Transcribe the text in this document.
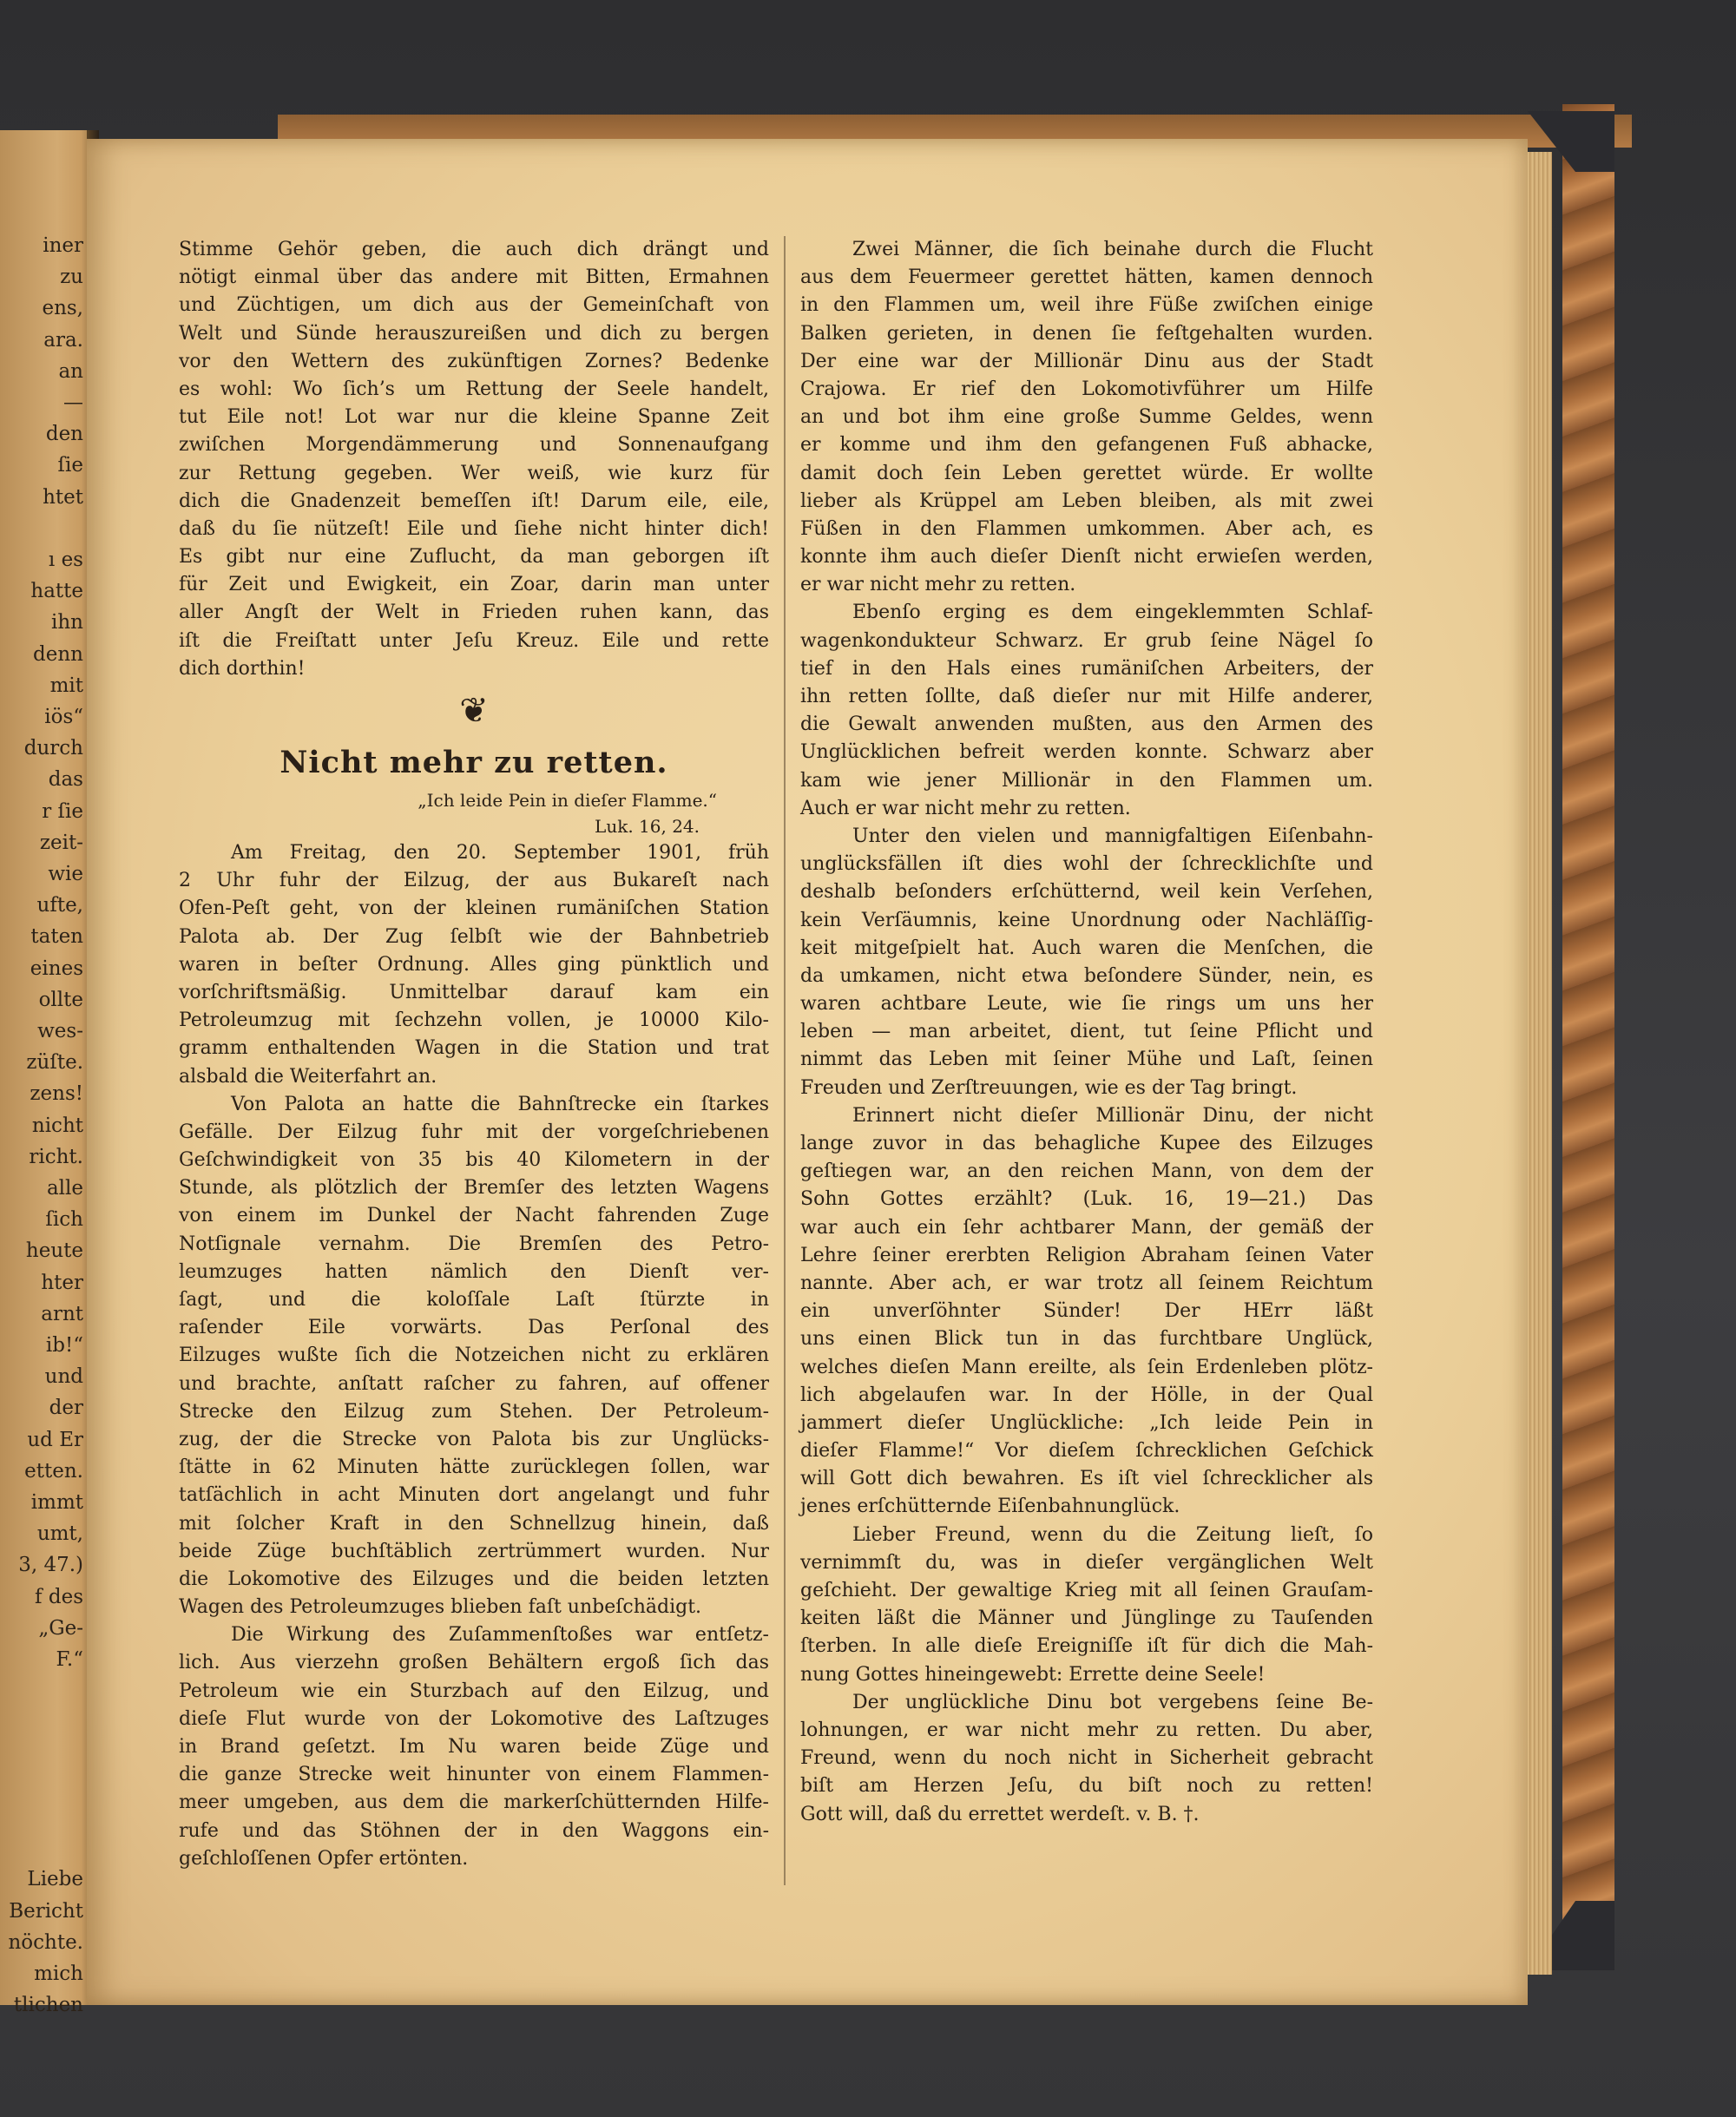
iner
zu
ens,
ara.
an
—
den
ſie
htet
ı es
hatte
ihn
denn
mit
iös“
durch
das
r ſie
zeit-
wie
ufte,
taten
eines
ollte
wes-
züſte.
zens!
nicht
richt.
alle
ſich
heute
hter
arnt
ib!“
und
der
ud Er
etten.
immt
umt,
3, 47.)
f des
„Ge-
F.“
Liebe
Bericht
nöchte.
mich
tlichen
Stimme Gehör geben, die auch dich drängt und
nötigt einmal über das andere mit Bitten, Ermahnen
und Züchtigen, um dich aus der Gemeinſchaft von
Welt und Sünde herauszureißen und dich zu bergen
vor den Wettern des zukünftigen Zornes? Bedenke
es wohl: Wo ſich’s um Rettung der Seele handelt,
tut Eile not! Lot war nur die kleine Spanne Zeit
zwiſchen Morgendämmerung und Sonnenaufgang
zur Rettung gegeben. Wer weiß, wie kurz für
dich die Gnadenzeit bemeſſen iſt! Darum eile, eile,
daß du ſie nützeſt! Eile und ſiehe nicht hinter dich!
Es gibt nur eine Zuflucht, da man geborgen iſt
für Zeit und Ewigkeit, ein Zoar, darin man unter
aller Angſt der Welt in Frieden ruhen kann, das
iſt die Freiſtatt unter Jeſu Kreuz. Eile und rette
dich dorthin!
❦
Nicht mehr zu retten.
„Ich leide Pein in dieſer Flamme.“
Luk. 16, 24.
Am Freitag, den 20. September 1901, früh
2 Uhr fuhr der Eilzug, der aus Bukareſt nach
Ofen-Peſt geht, von der kleinen rumäniſchen Station
Palota ab. Der Zug ſelbſt wie der Bahnbetrieb
waren in beſter Ordnung. Alles ging pünktlich und
vorſchriftsmäßig. Unmittelbar darauf kam ein
Petroleumzug mit ſechzehn vollen, je 10000 Kilo-
gramm enthaltenden Wagen in die Station und trat
alsbald die Weiterfahrt an.
Von Palota an hatte die Bahnſtrecke ein ſtarkes
Gefälle. Der Eilzug fuhr mit der vorgeſchriebenen
Geſchwindigkeit von 35 bis 40 Kilometern in der
Stunde, als plötzlich der Bremſer des letzten Wagens
von einem im Dunkel der Nacht fahrenden Zuge
Notſignale vernahm. Die Bremſen des Petro-
leumzuges hatten nämlich den Dienſt ver-
ſagt, und die koloſſale Laſt ſtürzte in
raſender Eile vorwärts. Das Perſonal des
Eilzuges wußte ſich die Notzeichen nicht zu erklären
und brachte, anſtatt raſcher zu fahren, auf offener
Strecke den Eilzug zum Stehen. Der Petroleum-
zug, der die Strecke von Palota bis zur Unglücks-
ſtätte in 62 Minuten hätte zurücklegen ſollen, war
tatſächlich in acht Minuten dort angelangt und fuhr
mit ſolcher Kraft in den Schnellzug hinein, daß
beide Züge buchſtäblich zertrümmert wurden. Nur
die Lokomotive des Eilzuges und die beiden letzten
Wagen des Petroleumzuges blieben faſt unbeſchädigt.
Die Wirkung des Zuſammenſtoßes war entſetz-
lich. Aus vierzehn großen Behältern ergoß ſich das
Petroleum wie ein Sturzbach auf den Eilzug, und
dieſe Flut wurde von der Lokomotive des Laſtzuges
in Brand geſetzt. Im Nu waren beide Züge und
die ganze Strecke weit hinunter von einem Flammen-
meer umgeben, aus dem die markerſchütternden Hilfe-
rufe und das Stöhnen der in den Waggons ein-
geſchloſſenen Opfer ertönten.
Zwei Männer, die ſich beinahe durch die Flucht
aus dem Feuermeer gerettet hätten, kamen dennoch
in den Flammen um, weil ihre Füße zwiſchen einige
Balken gerieten, in denen ſie feſtgehalten wurden.
Der eine war der Millionär Dinu aus der Stadt
Crajowa. Er rief den Lokomotivführer um Hilfe
an und bot ihm eine große Summe Geldes, wenn
er komme und ihm den gefangenen Fuß abhacke,
damit doch ſein Leben gerettet würde. Er wollte
lieber als Krüppel am Leben bleiben, als mit zwei
Füßen in den Flammen umkommen. Aber ach, es
konnte ihm auch dieſer Dienſt nicht erwieſen werden,
er war nicht mehr zu retten.
Ebenſo erging es dem eingeklemmten Schlaf-
wagenkondukteur Schwarz. Er grub ſeine Nägel ſo
tief in den Hals eines rumäniſchen Arbeiters, der
ihn retten ſollte, daß dieſer nur mit Hilfe anderer,
die Gewalt anwenden mußten, aus den Armen des
Unglücklichen befreit werden konnte. Schwarz aber
kam wie jener Millionär in den Flammen um.
Auch er war nicht mehr zu retten.
Unter den vielen und mannigfaltigen Eiſenbahn-
unglücksfällen iſt dies wohl der ſchrecklichſte und
deshalb beſonders erſchütternd, weil kein Verſehen,
kein Verſäumnis, keine Unordnung oder Nachläſſig-
keit mitgeſpielt hat. Auch waren die Menſchen, die
da umkamen, nicht etwa beſondere Sünder, nein, es
waren achtbare Leute, wie ſie rings um uns her
leben — man arbeitet, dient, tut ſeine Pflicht und
nimmt das Leben mit ſeiner Mühe und Laſt, ſeinen
Freuden und Zerſtreuungen, wie es der Tag bringt.
Erinnert nicht dieſer Millionär Dinu, der nicht
lange zuvor in das behagliche Kupee des Eilzuges
geſtiegen war, an den reichen Mann, von dem der
Sohn Gottes erzählt? (Luk. 16, 19—21.) Das
war auch ein ſehr achtbarer Mann, der gemäß der
Lehre ſeiner ererbten Religion Abraham ſeinen Vater
nannte. Aber ach, er war trotz all ſeinem Reichtum
ein unverſöhnter Sünder! Der HErr läßt
uns einen Blick tun in das furchtbare Unglück,
welches dieſen Mann ereilte, als ſein Erdenleben plötz-
lich abgelaufen war. In der Hölle, in der Qual
jammert dieſer Unglückliche: „Ich leide Pein in
dieſer Flamme!“ Vor dieſem ſchrecklichen Geſchick
will Gott dich bewahren. Es iſt viel ſchrecklicher als
jenes erſchütternde Eiſenbahnunglück.
Lieber Freund, wenn du die Zeitung lieſt, ſo
vernimmſt du, was in dieſer vergänglichen Welt
geſchieht. Der gewaltige Krieg mit all ſeinen Grauſam-
keiten läßt die Männer und Jünglinge zu Tauſenden
ſterben. In alle dieſe Ereigniſſe iſt für dich die Mah-
nung Gottes hineingewebt: Errette deine Seele!
Der unglückliche Dinu bot vergebens ſeine Be-
lohnungen, er war nicht mehr zu retten. Du aber,
Freund, wenn du noch nicht in Sicherheit gebracht
biſt am Herzen Jeſu, du biſt noch zu retten!
Gott will, daß du errettet werdeſt. v. B. †.
